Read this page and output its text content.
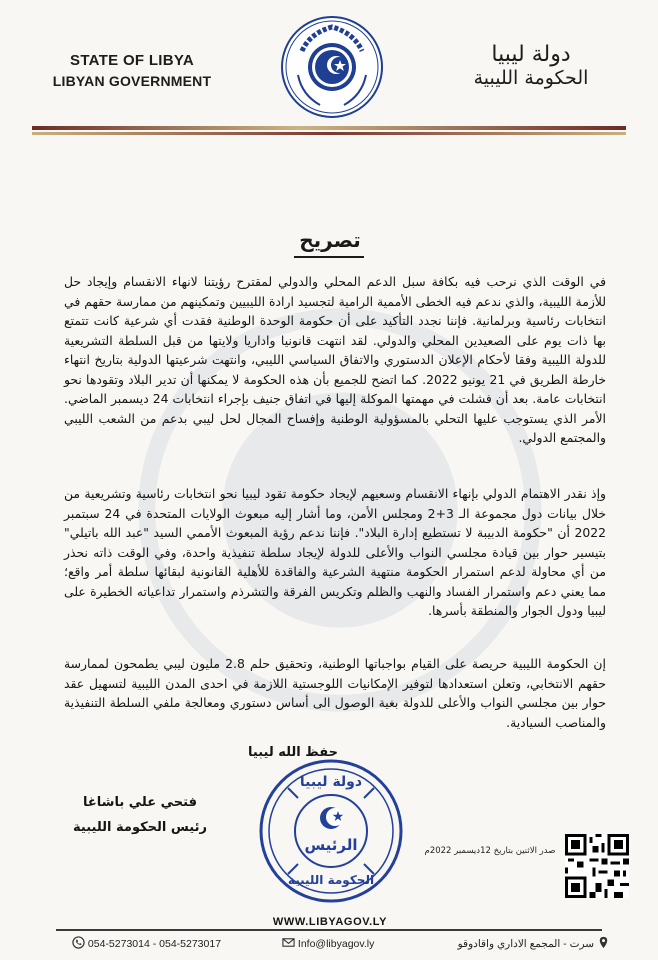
STATE OF LIBYA
LIBYAN GOVERNMENT
دولة ليبيا
الحكومة الليبية
تصريح
في الوقت الذي نرحب فيه بكافة سبل الدعم المحلي والدولي لمقترح رؤيتنا لانهاء الانقسام وإيجاد حل للأزمة الليبية، والذي ندعم فيه الخطى الأممية الرامية لتجسيد ارادة الليبيين وتمكينهم من ممارسة حقهم في انتخابات رئاسية وبرلمانية. فإننا نجدد التأكيد على أن حكومة الوحدة الوطنية فقدت أي شرعية كانت تتمتع بها ذات يوم على الصعيدين المحلي والدولي. لقد انتهت قانونيا واداريا ولايتها من قبل السلطة التشريعية للدولة الليبية وفقا لأحكام الإعلان الدستوري والاتفاق السياسي الليبي، وانتهت شرعيتها الدولية بتاريخ انتهاء خارطة الطريق في 21 يونيو 2022. كما اتضح للجميع بأن هذه الحكومة لا يمكنها أن تدير البلاد وتقودها نحو انتخابات عامة. بعد أن فشلت في مهمتها الموكلة إليها في اتفاق جنيف بإجراء انتخابات 24 ديسمبر الماضي. الأمر الذي يستوجب عليها التحلي بالمسؤولية الوطنية وإفساح المجال لحل ليبي بدعم من الشعب الليبي والمجتمع الدولي.
وإذ نقدر الاهتمام الدولي بإنهاء الانقسام وسعيهم لإيجاد حكومة تقود ليبيا نحو انتخابات رئاسية وتشريعية من خلال بيانات دول مجموعة الـ 3+2 ومجلس الأمن، وما أشار إليه مبعوث الولايات المتحدة في 24 سبتمبر 2022 أن "حكومة الدبيبة لا تستطيع إدارة البلاد". فإننا ندعم رؤية المبعوث الأممي السيد "عبد الله باتيلي" بتيسير حوار بين قيادة مجلسي النواب والأعلى للدولة لإيجاد سلطة تنفيذية واحدة، وفي الوقت ذاته نحذر من أي محاولة لدعم استمرار الحكومة منتهية الشرعية والفاقدة للأهلية القانونية لبقائها سلطة أمر واقع؛ مما يعني دعم واستمرار الفساد والنهب والظلم وتكريس الفرقة والتشرذم واستمرار تداعياته الخطيرة على ليبيا ودول الجوار والمنطقة بأسرها.
إن الحكومة الليبية حريصة على القيام بواجباتها الوطنية، وتحقيق حلم 2.8 مليون ليبي يطمحون لممارسة حقهم الانتخابي، وتعلن استعدادها لتوفير الإمكانيات اللوجستية اللازمة في احدى المدن الليبية لتسهيل عقد حوار بين مجلسي النواب والأعلى للدولة بغية الوصول الى أساس دستوري ومعالجة ملفي السلطة التنفيذية والمناصب السيادية.
حفظ الله ليبيا
فتحي علي باشاغا
رئيس الحكومة الليبية
الرئيس
دولة ليبيا
الحكومة الليبية
صدر الاثنين بتاريخ 12ديسمبر 2022م
WWW.LIBYAGOV.LY
054-5273014 - 054-5273017	Info@libyagov.ly	سرت - المجمع الاداري واقادوقو
